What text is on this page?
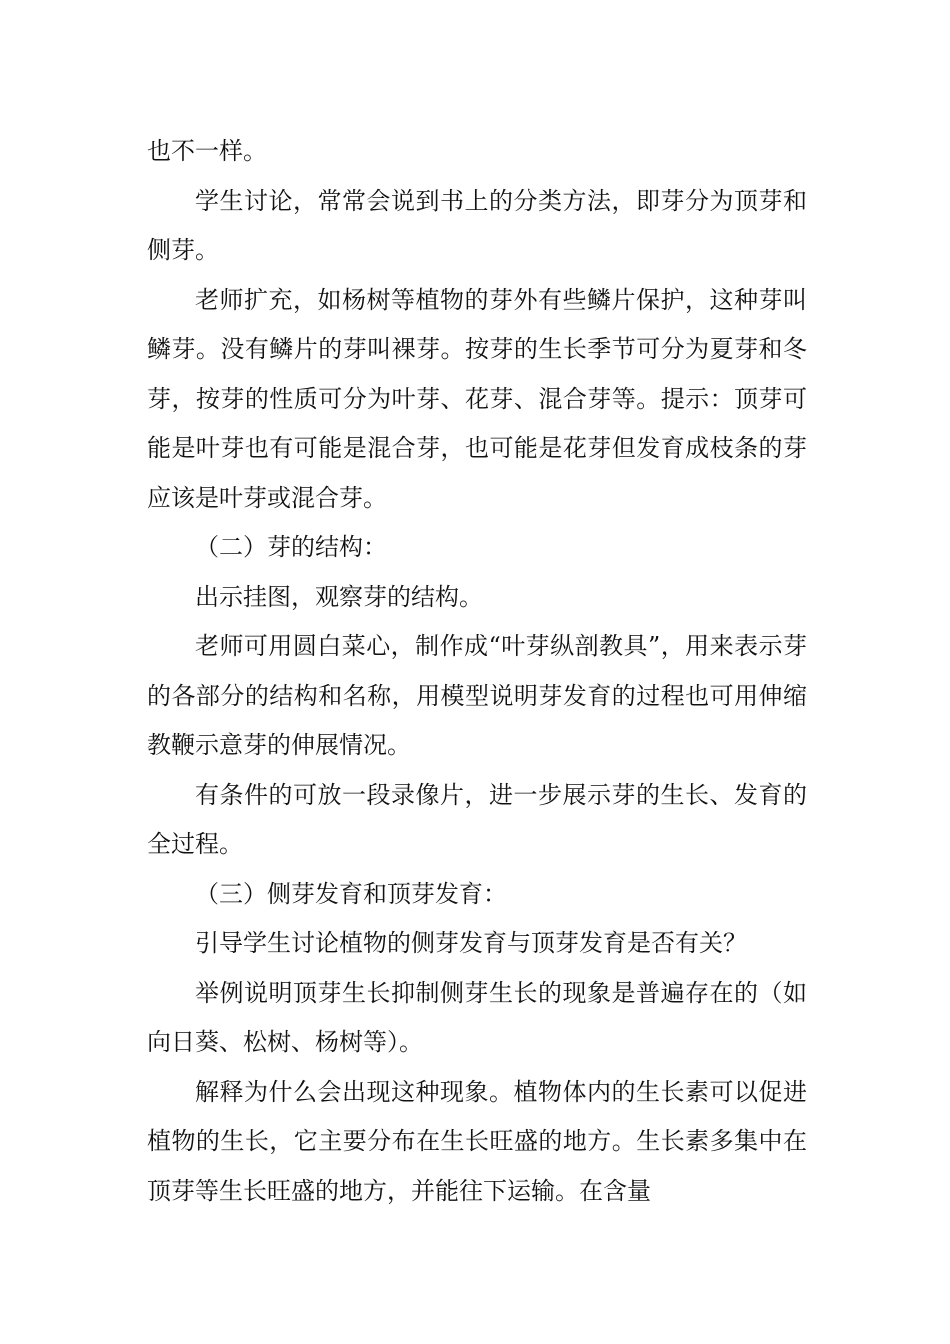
也不一样。

学生讨论，常常会说到书上的分类方法，即芽分为顶芽和侧芽。

老师扩充，如杨树等植物的芽外有些鳞片保护，这种芽叫鳞芽。没有鳞片的芽叫裸芽。按芽的生长季节可分为夏芽和冬芽，按芽的性质可分为叶芽、花芽、混合芽等。提示：顶芽可能是叶芽也有可能是混合芽，也可能是花芽但发育成枝条的芽应该是叶芽或混合芽。

（二）芽的结构：

出示挂图，观察芽的结构。

老师可用圆白菜心，制作成“叶芽纵剖教具”，用来表示芽的各部分的结构和名称，用模型说明芽发育的过程也可用伸缩教鞭示意芽的伸展情况。

有条件的可放一段录像片，进一步展示芽的生长、发育的全过程。

（三）侧芽发育和顶芽发育：

引导学生讨论植物的侧芽发育与顶芽发育是否有关？

举例说明顶芽生长抑制侧芽生长的现象是普遍存在的（如向日葵、松树、杨树等）。

解释为什么会出现这种现象。植物体内的生长素可以促进植物的生长，它主要分布在生长旺盛的地方。生长素多集中在顶芽等生长旺盛的地方，并能往下运输。在含量
